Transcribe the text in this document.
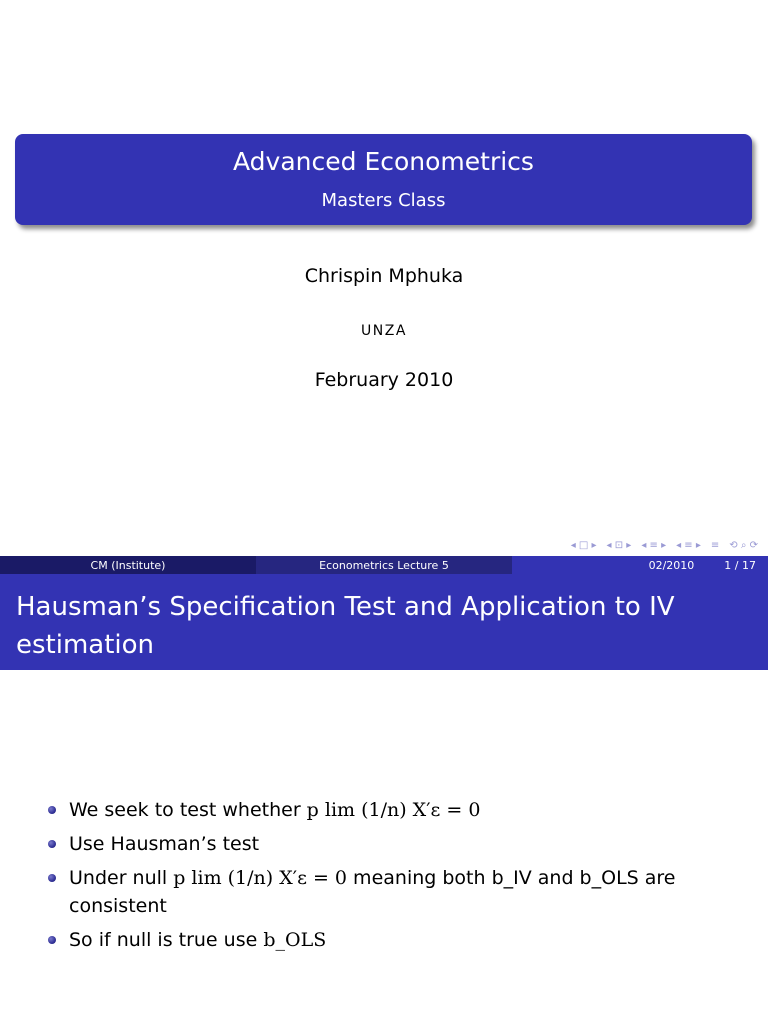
Advanced Econometrics
Masters Class
Chrispin Mphuka
UNZA
February 2010
◂ □ ▸ ◂ ⊡ ▸ ◂ ≡ ▸ ◂ ≡ ▸ ≡ ⟲ ⌕ ⟳
CM (Institute)	Econometrics Lecture 5	02/2010	1 / 17
Hausman’s Specification Test and Application to IV estimation
We seek to test whether p lim (1/n) X′ε = 0
Use Hausman’s test
Under null p lim (1/n) X′ε = 0 meaning both b_IV and b_OLS are consistent
So if null is true use b_OLS
